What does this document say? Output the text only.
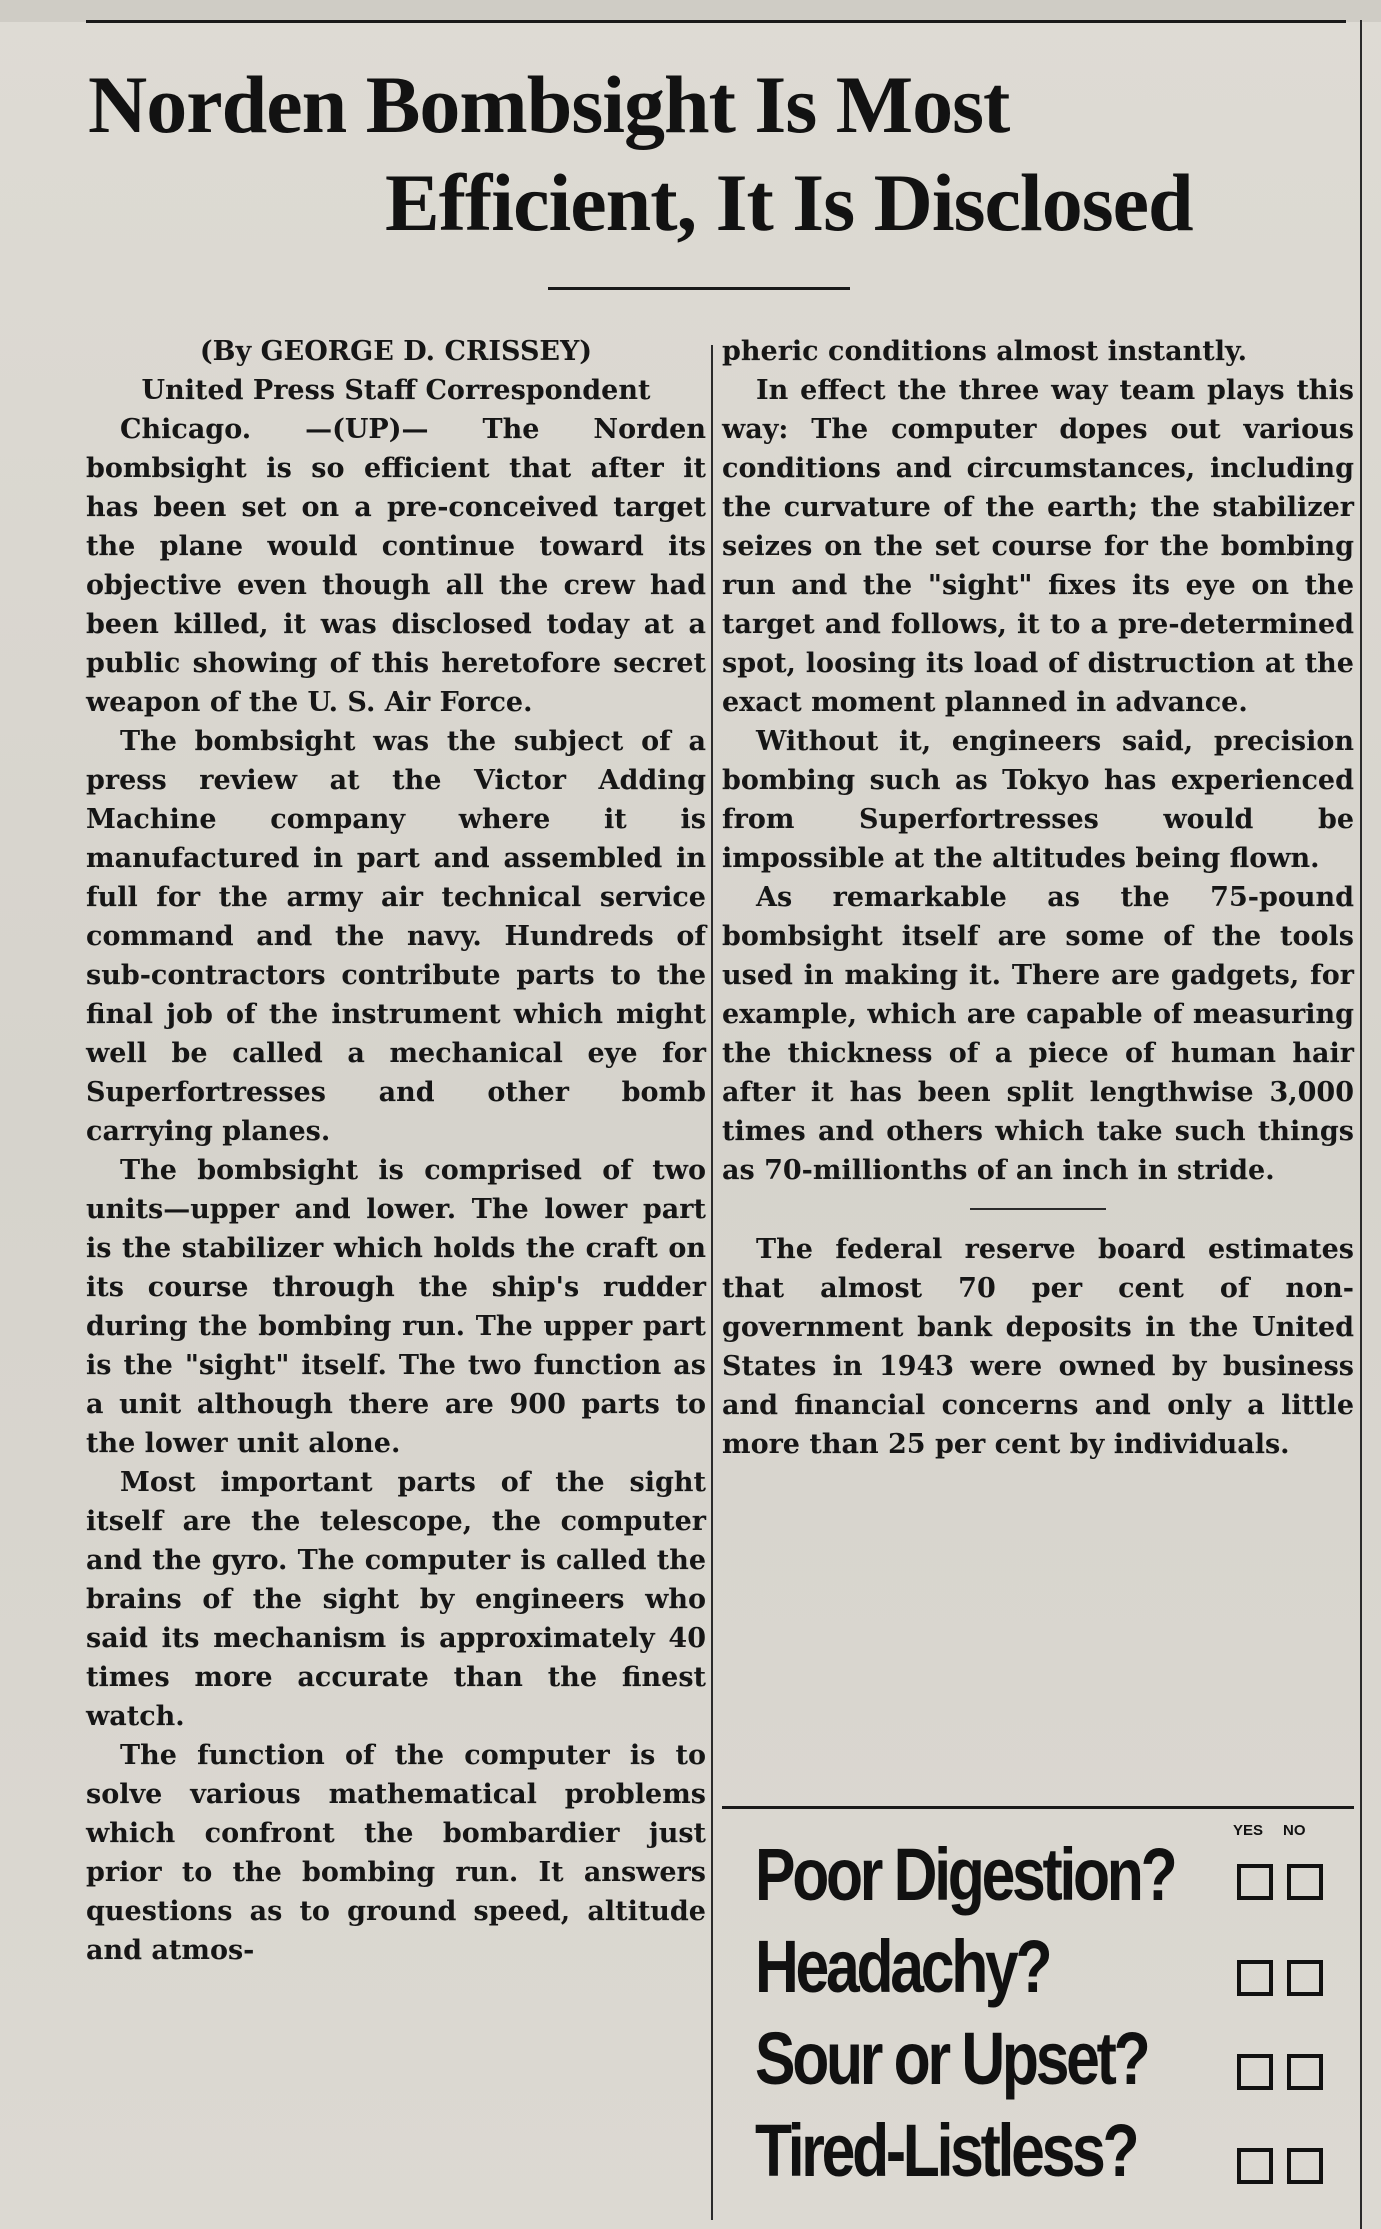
Norden Bombsight Is Most
Efficient, It Is Disclosed

(By GEORGE D. CRISSEY)

United Press Staff Correspondent

Chicago. —(UP)— The Norden bombsight is so efficient that after it has been set on a pre-conceived target the plane would continue toward its objective even though all the crew had been killed, it was disclosed today at a public showing of this heretofore secret weapon of the U. S. Air Force.

The bombsight was the subject of a press review at the Victor Adding Machine company where it is manufactured in part and assembled in full for the army air technical service command and the navy. Hundreds of sub-contractors contribute parts to the final job of the instrument which might well be called a mechanical eye for Superfortresses and other bomb carrying planes.

The bombsight is comprised of two units—upper and lower. The lower part is the stabilizer which holds the craft on its course through the ship's rudder during the bombing run. The upper part is the "sight" itself. The two function as a unit although there are 900 parts to the lower unit alone.

Most important parts of the sight itself are the telescope, the computer and the gyro. The computer is called the brains of the sight by engineers who said its mechanism is approximately 40 times more accurate than the finest watch.

The function of the computer is to solve various mathematical problems which confront the bombardier just prior to the bombing run. It answers questions as to ground speed, altitude and atmos-

pheric conditions almost instantly.

In effect the three way team plays this way: The computer dopes out various conditions and circumstances, including the curvature of the earth; the stabilizer seizes on the set course for the bombing run and the "sight" fixes its eye on the target and follows, it to a pre-determined spot, loosing its load of distruction at the exact moment planned in advance.

Without it, engineers said, precision bombing such as Tokyo has experienced from Superfortresses would be impossible at the altitudes being flown.

As remarkable as the 75-pound bombsight itself are some of the tools used in making it. There are gadgets, for example, which are capable of measuring the thickness of a piece of human hair after it has been split lengthwise 3,000 times and others which take such things as 70-millionths of an inch in stride.

The federal reserve board estimates that almost 70 per cent of non-government bank deposits in the United States in 1943 were owned by business and financial concerns and only a little more than 25 per cent by individuals.

YES NO
Poor Digestion?
Headachy?
Sour or Upset?
Tired-Listless?
